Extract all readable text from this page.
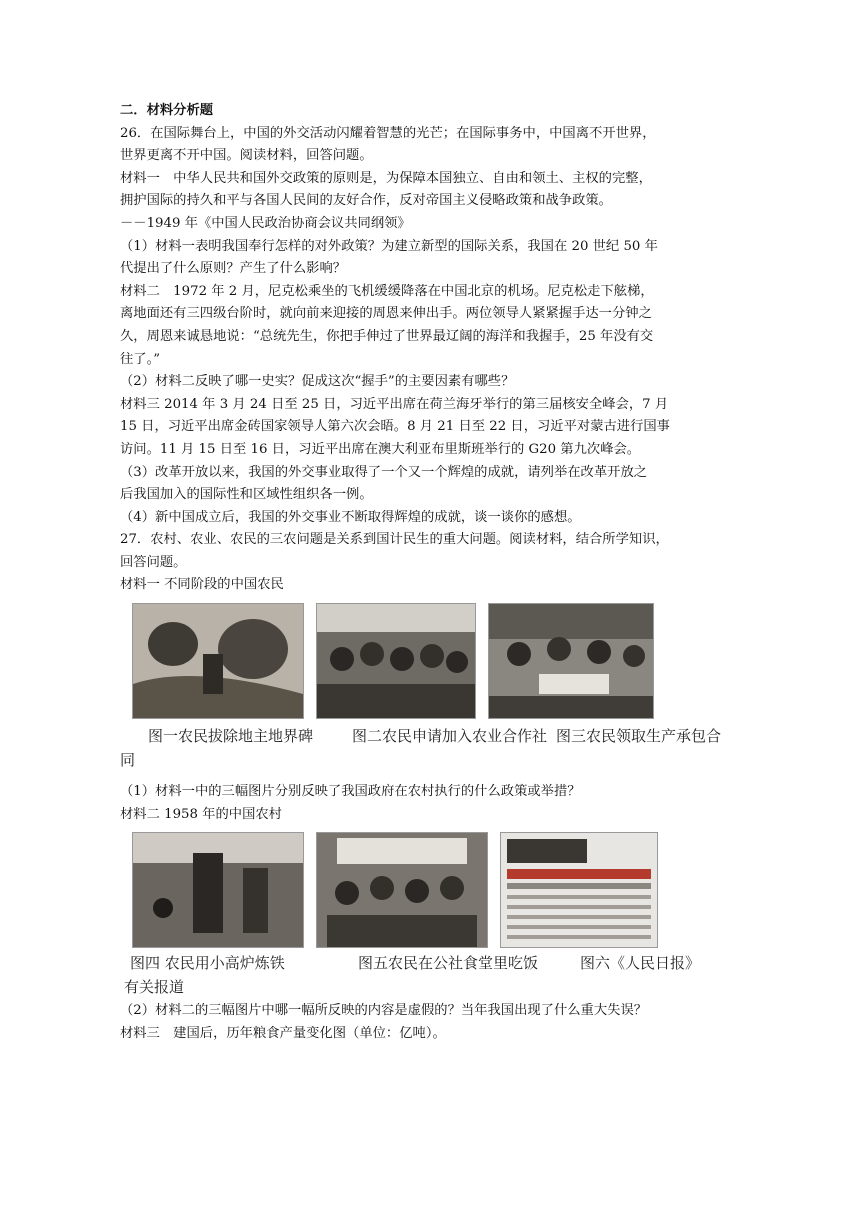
二．材料分析题
26．在国际舞台上，中国的外交活动闪耀着智慧的光芒；在国际事务中，中国离不开世界，
世界更离不开中国。阅读材料，回答问题。
材料一　中华人民共和国外交政策的原则是，为保障本国独立、自由和领土、主权的完整，
拥护国际的持久和平与各国人民间的友好合作，反对帝国主义侵略政策和战争政策。
－－1949 年《中国人民政治协商会议共同纲领》
（1）材料一表明我国奉行怎样的对外政策？为建立新型的国际关系，我国在 20 世纪 50 年
代提出了什么原则？产生了什么影响？
材料二　1972 年 2 月，尼克松乘坐的飞机缓缓降落在中国北京的机场。尼克松走下舷梯，
离地面还有三四级台阶时，就向前来迎接的周恩来伸出手。两位领导人紧紧握手达一分钟之
久，周恩来诚恳地说：“总统先生，你把手伸过了世界最辽阔的海洋和我握手，25 年没有交
往了。”
（2）材料二反映了哪一史实？促成这次“握手”的主要因素有哪些？
材料三 2014 年 3 月 24 日至 25 日，习近平出席在荷兰海牙举行的第三届核安全峰会，7 月
15 日，习近平出席金砖国家领导人第六次会晤。8 月 21 日至 22 日，习近平对蒙古进行国事
访问。11 月 15 日至 16 日，习近平出席在澳大利亚布里斯班举行的 G20 第九次峰会。
（3）改革开放以来，我国的外交事业取得了一个又一个辉煌的成就，请列举在改革开放之
后我国加入的国际性和区域性组织各一例。
（4）新中国成立后，我国的外交事业不断取得辉煌的成就，谈一谈你的感想。
27．农村、农业、农民的三农问题是关系到国计民生的重大问题。阅读材料，结合所学知识，
回答问题。
材料一 不同阶段的中国农民
图一农民拔除地主地界碑	图二农民申请加入农业合作社 图三农民领取生产承包合
同
（1）材料一中的三幅图片分别反映了我国政府在农村执行的什么政策或举措？
材料二 1958 年的中国农村
图四 农民用小高炉炼铁	图五农民在公社食堂里吃饭	图六《人民日报》
有关报道
（2）材料二的三幅图片中哪一幅所反映的内容是虚假的？当年我国出现了什么重大失误？
材料三　建国后，历年粮食产量变化图（单位：亿吨）。
